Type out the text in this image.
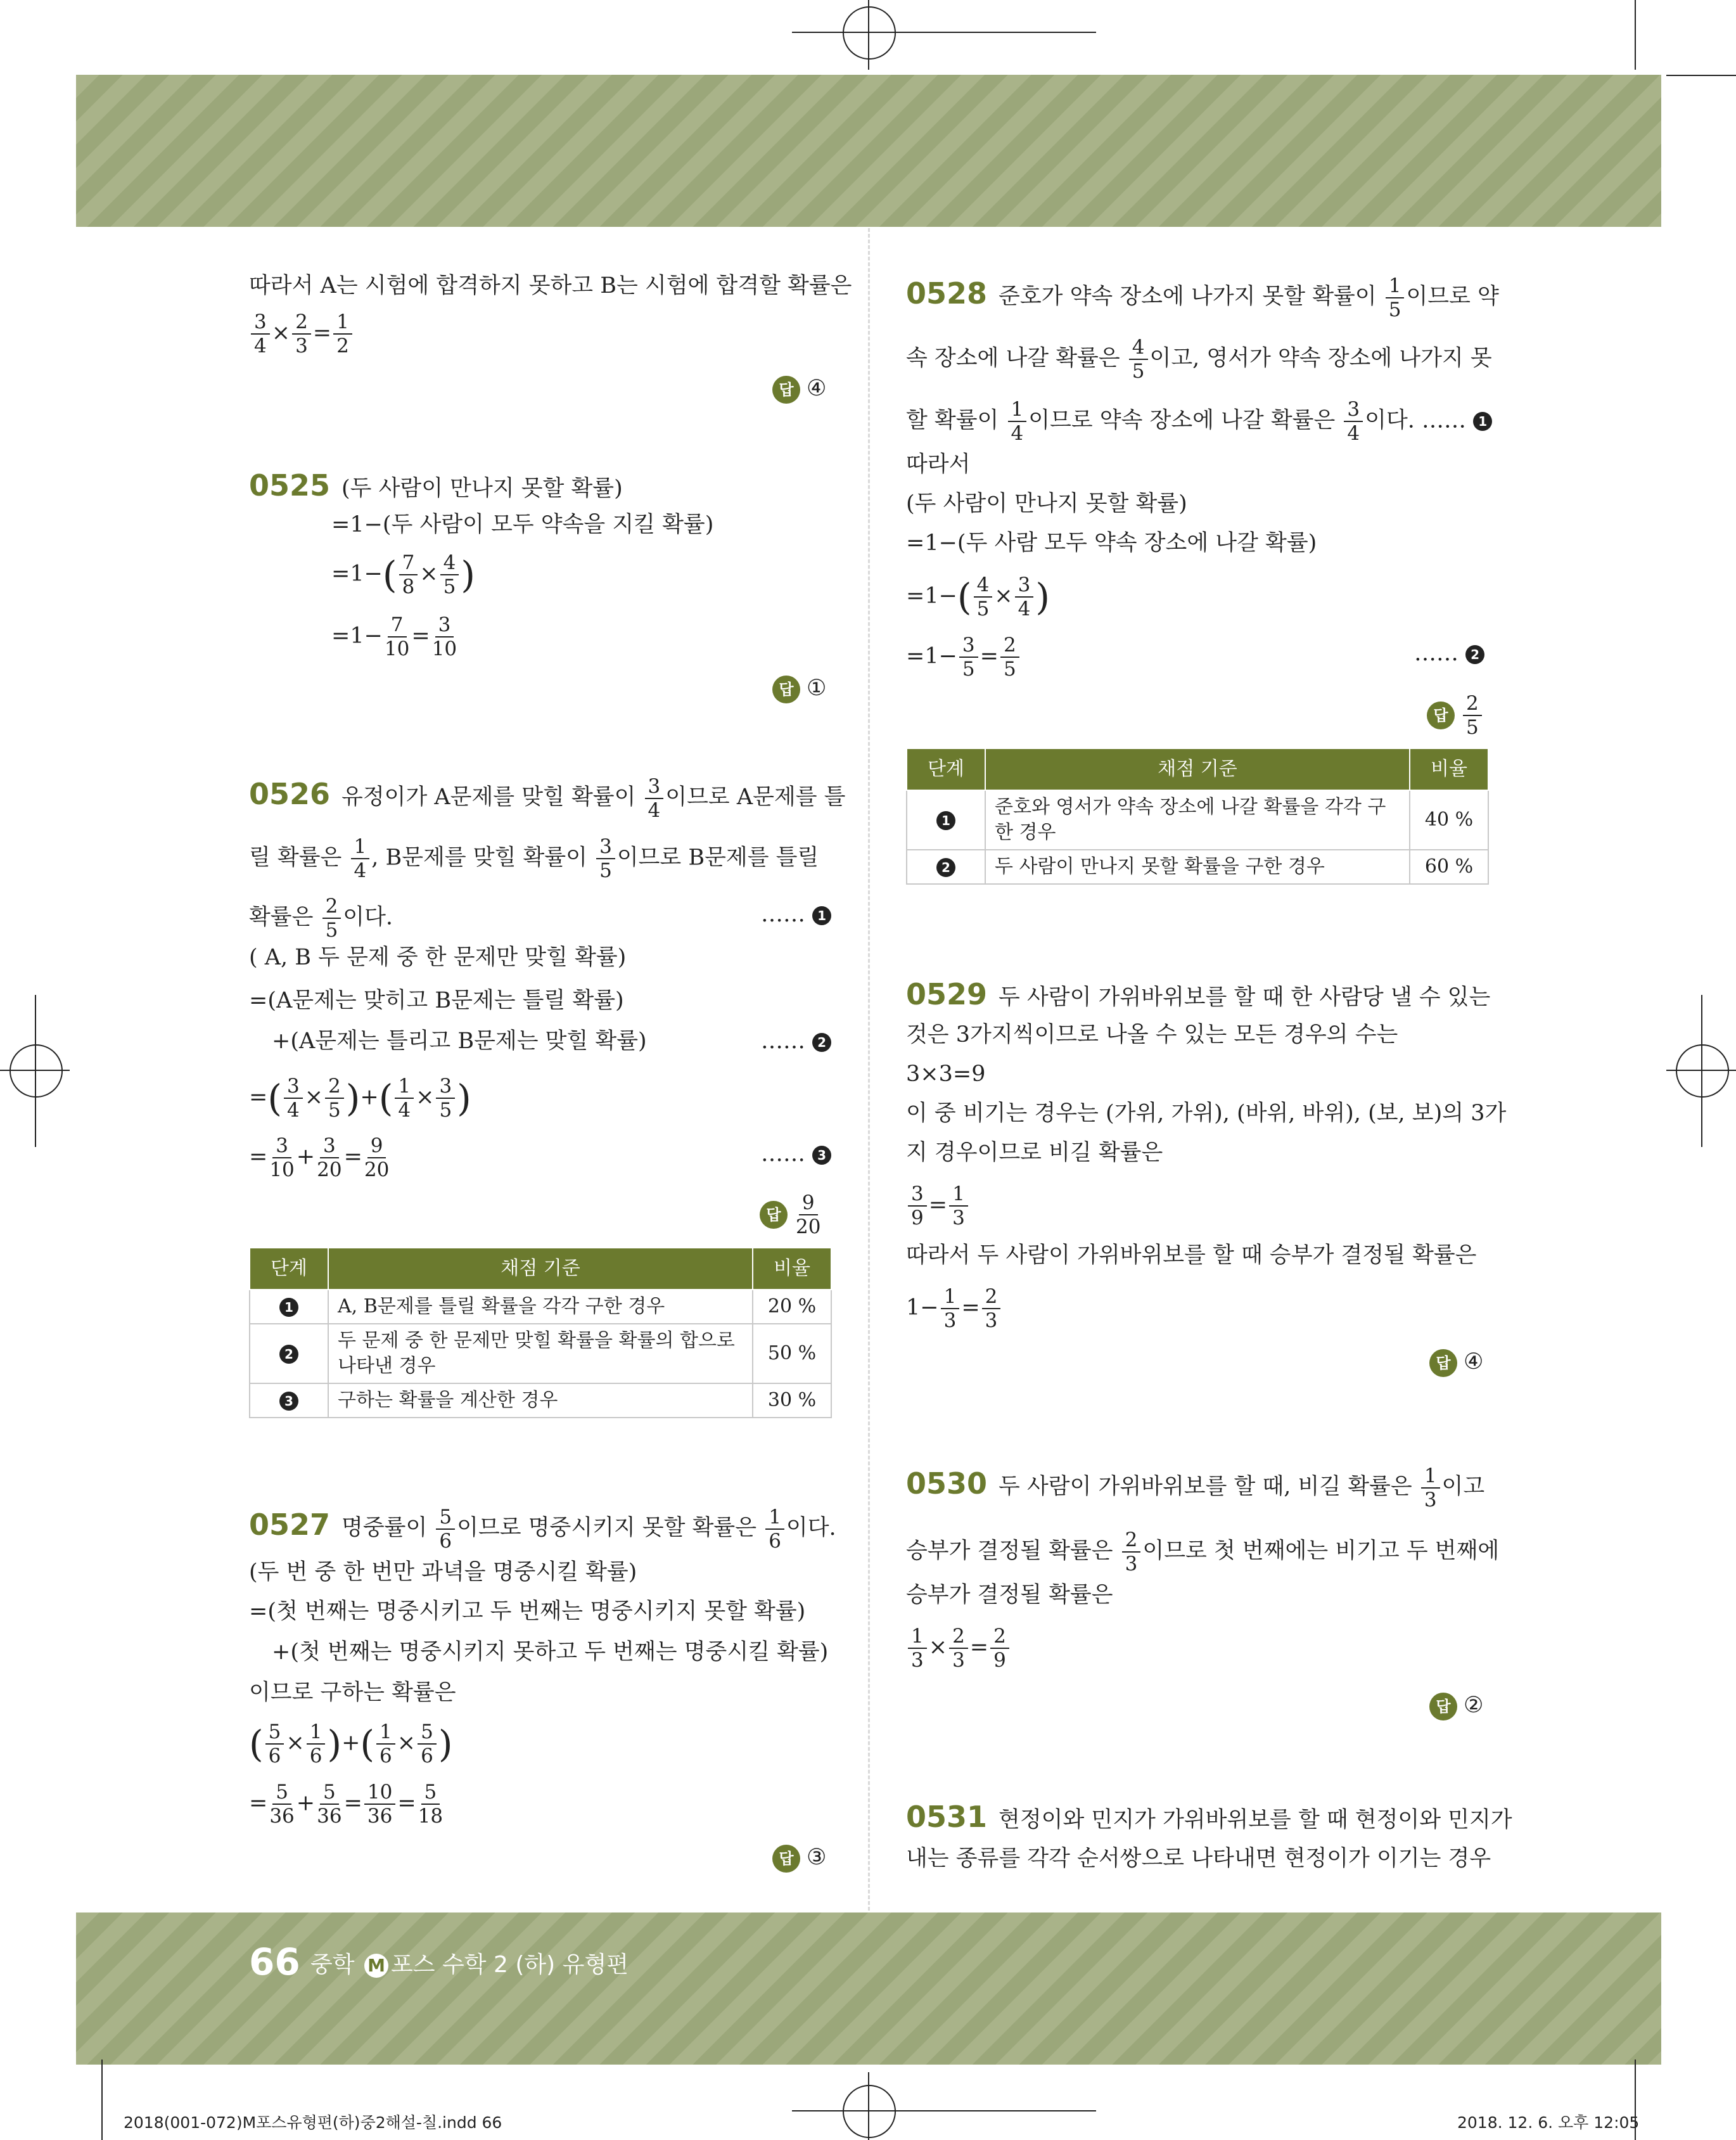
따라서 A는 시험에 합격하지 못하고 B는 시험에 합격할 확률은
$\frac{3}{4} \times \frac{2}{3} = \frac{1}{2}$
답 ④
0525 (두 사람이 만나지 못할 확률)
=1−(두 사람이 모두 약속을 지킬 확률)
$=1-( \frac{7}{8} \times \frac{4}{5}$ )
$=1- \frac{7}{10} = \frac{3}{10}$
답 ①
0526 유정이가 A문제를 맞힐 확률이 $\frac{3}{4}$ 이므로 A문제를 틀
릴 확률은 $\frac{1}{4}$ , B문제를 맞힐 확률이 $\frac{3}{5}$ 이므로 B문제를 틀릴
확률은 $\frac{2}{5}$ 이다.	…… 1
( A, B 두 문제 중 한 문제만 맞힐 확률)
=(A문제는 맞히고 B문제는 틀릴 확률)
+(A문제는 틀리고 B문제는 맞힐 확률)	…… 2
=( $\frac{3}{4} \times \frac{2}{5}$ )+( $\frac{1}{4} \times \frac{3}{5}$ )
= $\frac{3}{10} + \frac{3}{20} = \frac{9}{20}$	…… 3
답 $\frac{9}{20}$
단계	채점 기준	비율
1	A, B문제를 틀릴 확률을 각각 구한 경우	20 %
2	두 문제 중 한 문제만 맞힐 확률을 확률의 합으로 나타낸 경우	50 %
3	구하는 확률을 계산한 경우	30 %
0527 명중률이 $\frac{5}{6}$ 이므로 명중시키지 못할 확률은 $\frac{1}{6}$ 이다.
(두 번 중 한 번만 과녁을 명중시킬 확률)
=(첫 번째는 명중시키고 두 번째는 명중시키지 못할 확률)
+(첫 번째는 명중시키지 못하고 두 번째는 명중시킬 확률)
이므로 구하는 확률은
( $\frac{5}{6} \times \frac{1}{6}$ )+( $\frac{1}{6} \times \frac{5}{6}$ )
= $\frac{5}{36} + \frac{5}{36} = \frac{10}{36} = \frac{5}{18}$
답 ③
0528 준호가 약속 장소에 나가지 못할 확률이 $\frac{1}{5}$ 이므로 약
속 장소에 나갈 확률은 $\frac{4}{5}$ 이고, 영서가 약속 장소에 나가지 못
할 확률이 $\frac{1}{4}$ 이므로 약속 장소에 나갈 확률은 $\frac{3}{4}$ 이다. …… 1
따라서
(두 사람이 만나지 못할 확률)
=1−(두 사람 모두 약속 장소에 나갈 확률)
$=1-( \frac{4}{5} \times \frac{3}{4}$ )
$=1- \frac{3}{5} = \frac{2}{5}$	…… 2
답 $\frac{2}{5}$
단계	채점 기준	비율
1	준호와 영서가 약속 장소에 나갈 확률을 각각 구한 경우	40 %
2	두 사람이 만나지 못할 확률을 구한 경우	60 %
0529 두 사람이 가위바위보를 할 때 한 사람당 낼 수 있는
것은 3가지씩이므로 나올 수 있는 모든 경우의 수는
3×3=9
이 중 비기는 경우는 (가위, 가위), (바위, 바위), (보, 보)의 3가
지 경우이므로 비길 확률은
$\frac{3}{9} = \frac{1}{3}$
따라서 두 사람이 가위바위보를 할 때 승부가 결정될 확률은
$1- \frac{1}{3} = \frac{2}{3}$
답 ④
0530 두 사람이 가위바위보를 할 때, 비길 확률은 $\frac{1}{3}$ 이고
승부가 결정될 확률은 $\frac{2}{3}$ 이므로 첫 번째에는 비기고 두 번째에
승부가 결정될 확률은
$\frac{1}{3} \times \frac{2}{3} = \frac{2}{9}$
답 ②
0531 현정이와 민지가 가위바위보를 할 때 현정이와 민지가
내는 종류를 각각 순서쌍으로 나타내면 현정이가 이기는 경우
66 중학 M 포스 수학 2 (하) 유형편
2018(001-072)M포스유형편(하)중2해설-칠.indd 66	2018. 12. 6. 오후 12:05
